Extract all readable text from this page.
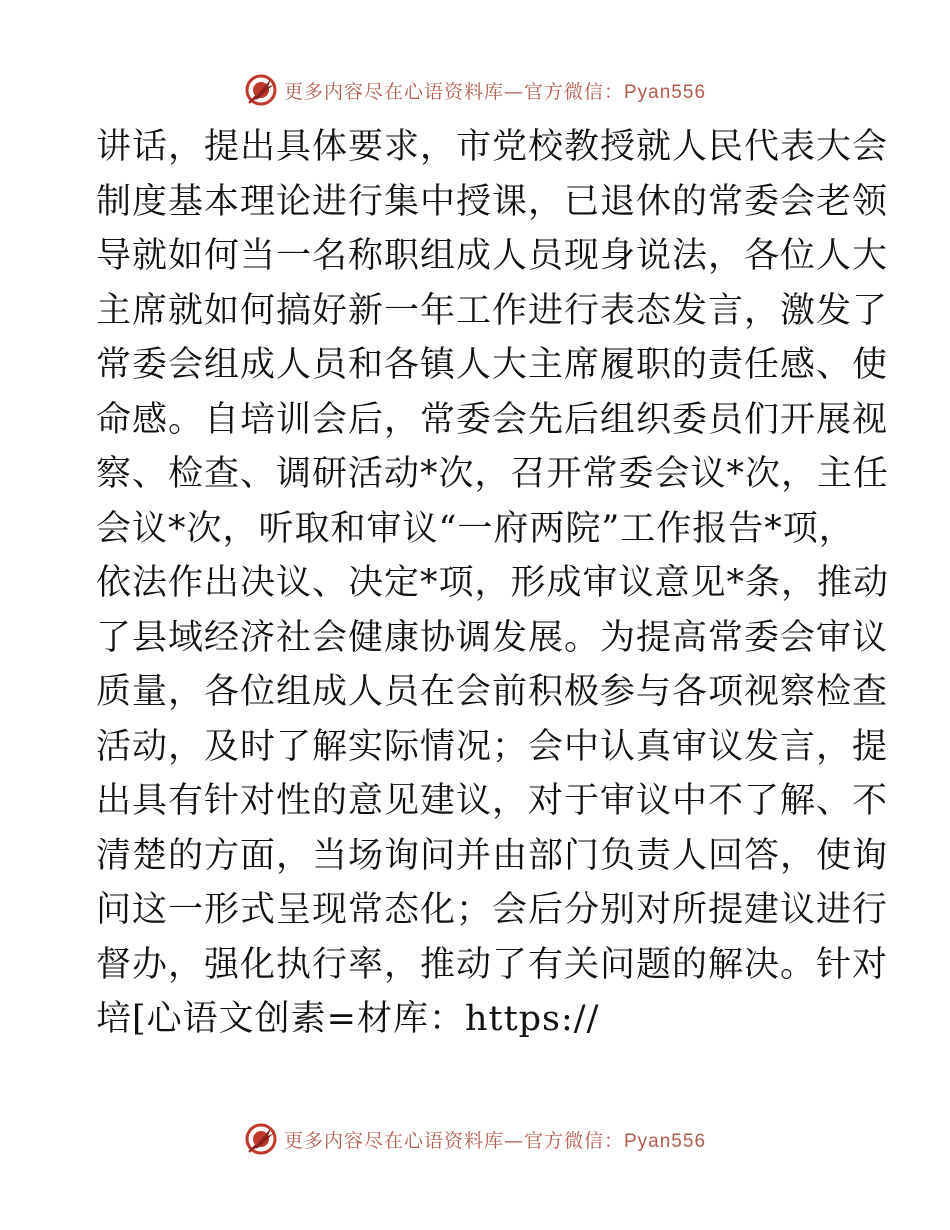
更多内容尽在心语资料库—官方微信：Pyan556
讲话，提出具体要求，市党校教授就人民代表大会
制度基本理论进行集中授课，已退休的常委会老领
导就如何当一名称职组成人员现身说法，各位人大
主席就如何搞好新一年工作进行表态发言，激发了
常委会组成人员和各镇人大主席履职的责任感、使
命感。自培训会后，常委会先后组织委员们开展视
察、检查、调研活动*次，召开常委会议*次，主任
会议*次，听取和审议“一府两院”工作报告*项，
依法作出决议、决定*项，形成审议意见*条，推动
了县域经济社会健康协调发展。为提高常委会审议
质量，各位组成人员在会前积极参与各项视察检查
活动，及时了解实际情况；会中认真审议发言，提
出具有针对性的意见建议，对于审议中不了解、不
清楚的方面，当场询问并由部门负责人回答，使询
问这一形式呈现常态化；会后分别对所提建议进行
督办，强化执行率，推动了有关问题的解决。针对
培[心语文创素=材库：https://
更多内容尽在心语资料库—官方微信：Pyan556
